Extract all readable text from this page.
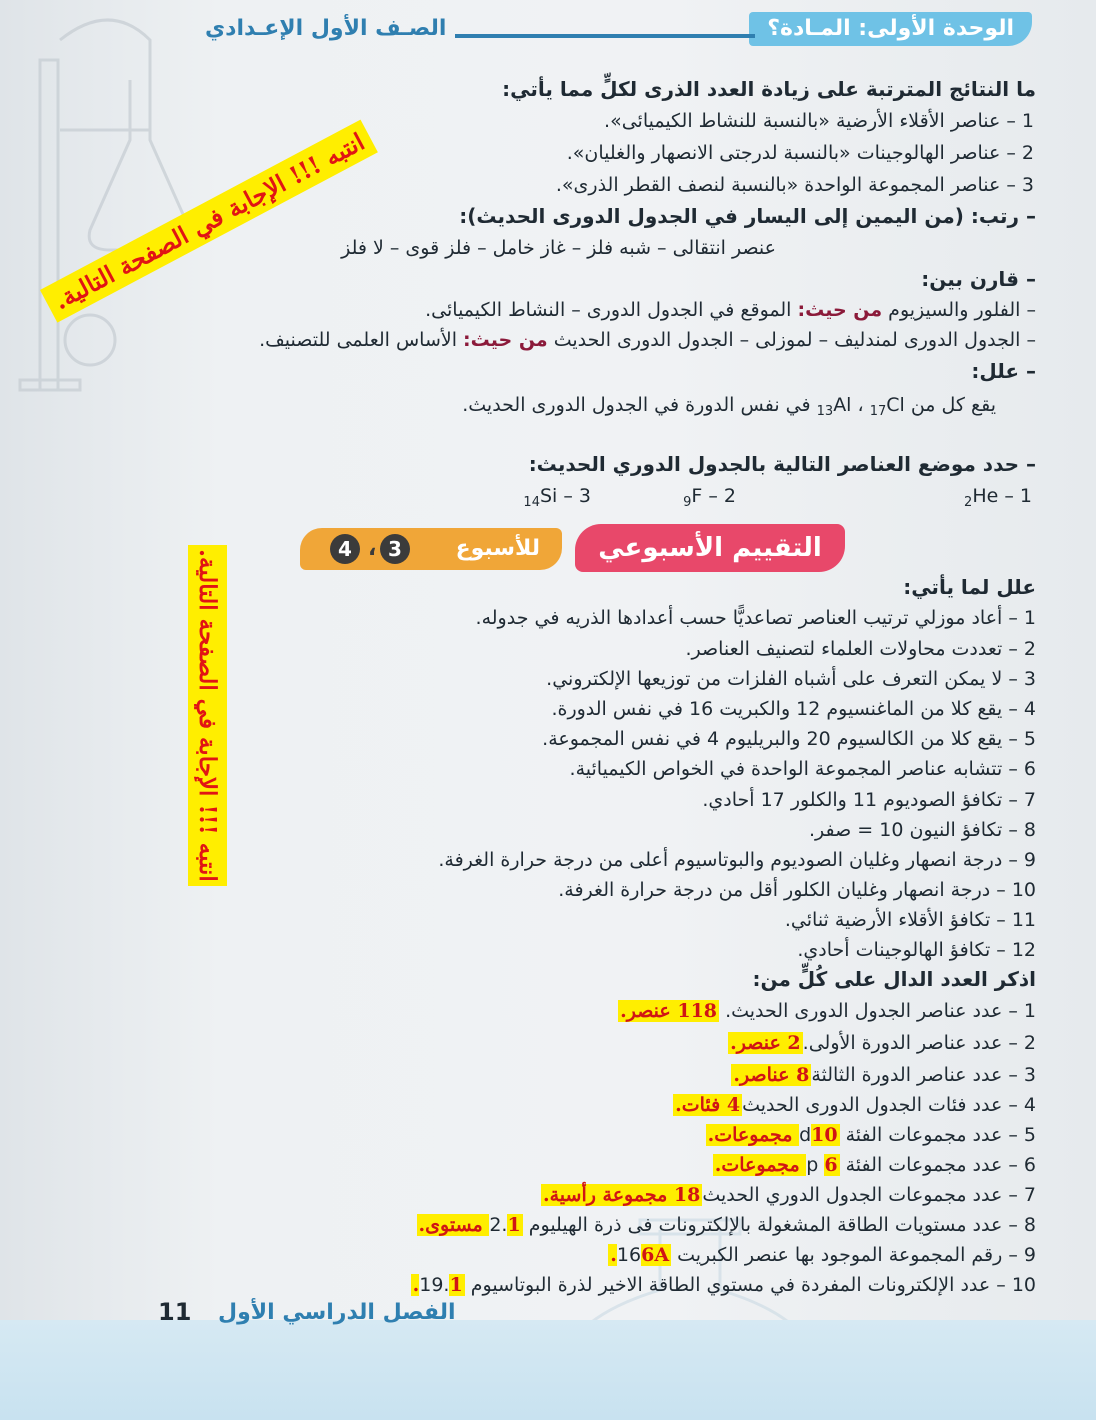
الوحدة الأولى: المـادة؟
الصـف الأول الإعـدادي
ما النتائج المترتبة على زيادة العدد الذرى لكلٍّ مما يأتي:
1 – عناصر الأقلاء الأرضية «بالنسبة للنشاط الكيميائى».
2 – عناصر الهالوجينات «بالنسبة لدرجتى الانصهار والغليان».
3 – عناصر المجموعة الواحدة «بالنسبة لنصف القطر الذرى».
– رتب: (من اليمين إلى اليسار في الجدول الدورى الحديث):
عنصر انتقالى – شبه فلز – غاز خامل – فلز قوى – لا فلز
– قارن بين:
– الفلور والسيزيوم من حيث: الموقع في الجدول الدورى – النشاط الكيميائى.
– الجدول الدورى لمندليف – لموزلى – الجدول الدورى الحديث من حيث: الأساس العلمى للتصنيف.
– علل:
يقع كل من $_{13}$Al ، $_{17}$Cl في نفس الدورة في الجدول الدورى الحديث.
– حدد موضع العناصر التالية بالجدول الدوري الحديث:
1 – $_2$He
2 – $_9$F
3 – $_{14}$Si
التقييم الأسبوعي
للأسبوع
3
،
4
علل لما يأتي:
1 – أعاد موزلي ترتيب العناصر تصاعديًّا حسب أعدادها الذريه في جدوله.
2 – تعددت محاولات العلماء لتصنيف العناصر.
3 – لا يمكن التعرف على أشباه الفلزات من توزيعها الإلكتروني.
4 – يقع كلا من الماغنسيوم 12 والكبريت 16 في نفس الدورة.
5 – يقع كلا من الكالسيوم 20 والبريليوم 4 في نفس المجموعة.
6 – تتشابه عناصر المجموعة الواحدة في الخواص الكيميائية.
7 – تكافؤ الصوديوم 11 والكلور 17 أحادي.
8 – تكافؤ النيون 10 = صفر.
9 – درجة انصهار وغليان الصوديوم والبوتاسيوم أعلى من درجة حرارة الغرفة.
10 – درجة انصهار وغليان الكلور أقل من درجة حرارة الغرفة.
11 – تكافؤ الأقلاء الأرضية ثنائي.
12 – تكافؤ الهالوجينات أحادي.
اذكر العدد الدال على كُلٍّ من:
1 – عدد عناصر الجدول الدورى الحديث. 118 عنصر.
2 – عدد عناصر الدورة الأولى.2 عنصر.
3 – عدد عناصر الدورة الثالثة8 عناصر.
4 – عدد فئات الجدول الدورى الحديث4 فئات.
5 – عدد مجموعات الفئة d10 مجموعات.
6 – عدد مجموعات الفئة p 6 مجموعات.
7 – عدد مجموعات الجدول الدوري الحديث18 مجموعة رأسية.
8 – عدد مستويات الطاقة المشغولة بالإلكترونات فى ذرة الهيليوم 2.1 مستوى.
9 – رقم المجموعة الموجود بها عنصر الكبريت 166A.
10 – عدد الإلكترونات المفردة في مستوي الطاقة الاخير لذرة البوتاسيوم 19.1.
الفصل الدراسي الأول
11
انتبه !!! الإجابة في الصفحة التالية.
انتبه !!! الإجابة في الصفحة التالية.
